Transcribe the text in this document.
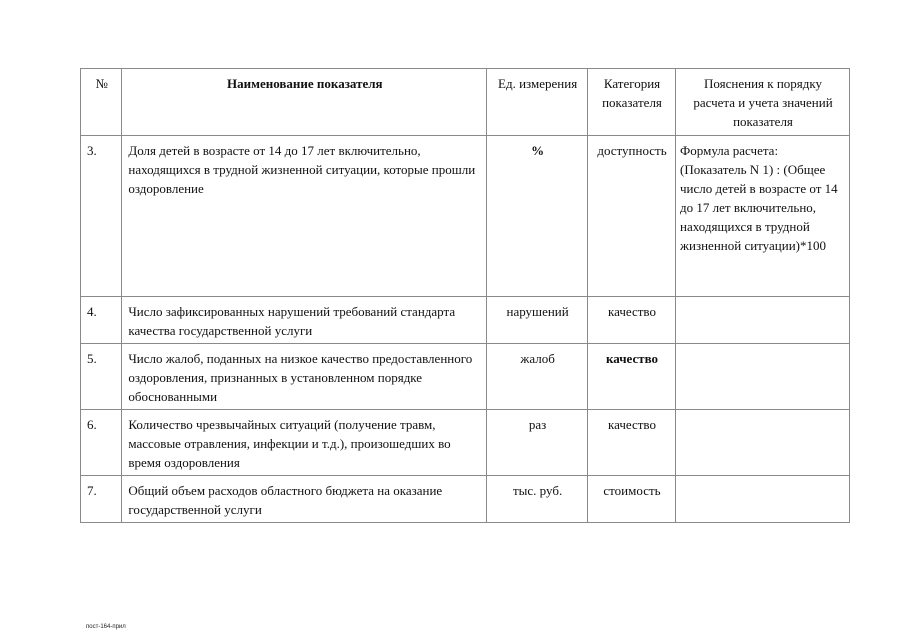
№	Наименование показателя	Ед. измерения	Категория показателя	Пояснения к порядку расчета и учета значений показателя
3.	Доля детей в возрасте от 14 до 17 лет включительно, находящихся в трудной жизненной ситуации, которые прошли оздоровление	%	доступность	Формула расчета: (Показатель N 1) : (Общее число детей в возрасте от 14 до 17 лет включительно, находящихся в трудной жизненной ситуации)*100
4.	Число зафиксированных нарушений требований стандарта качества государственной услуги	нарушений	качество	
5.	Число жалоб, поданных на низкое качество предоставленного оздоровления, признанных в установленном порядке обоснованными	жалоб	качество	
6.	Количество чрезвычайных ситуаций (получение травм, массовые отравления, инфекции и т.д.), произошедших во время оздоровления	раз	качество	
7.	Общий объем расходов областного бюджета на оказание государственной услуги	тыс. руб.	стоимость	
пост-164-прил
